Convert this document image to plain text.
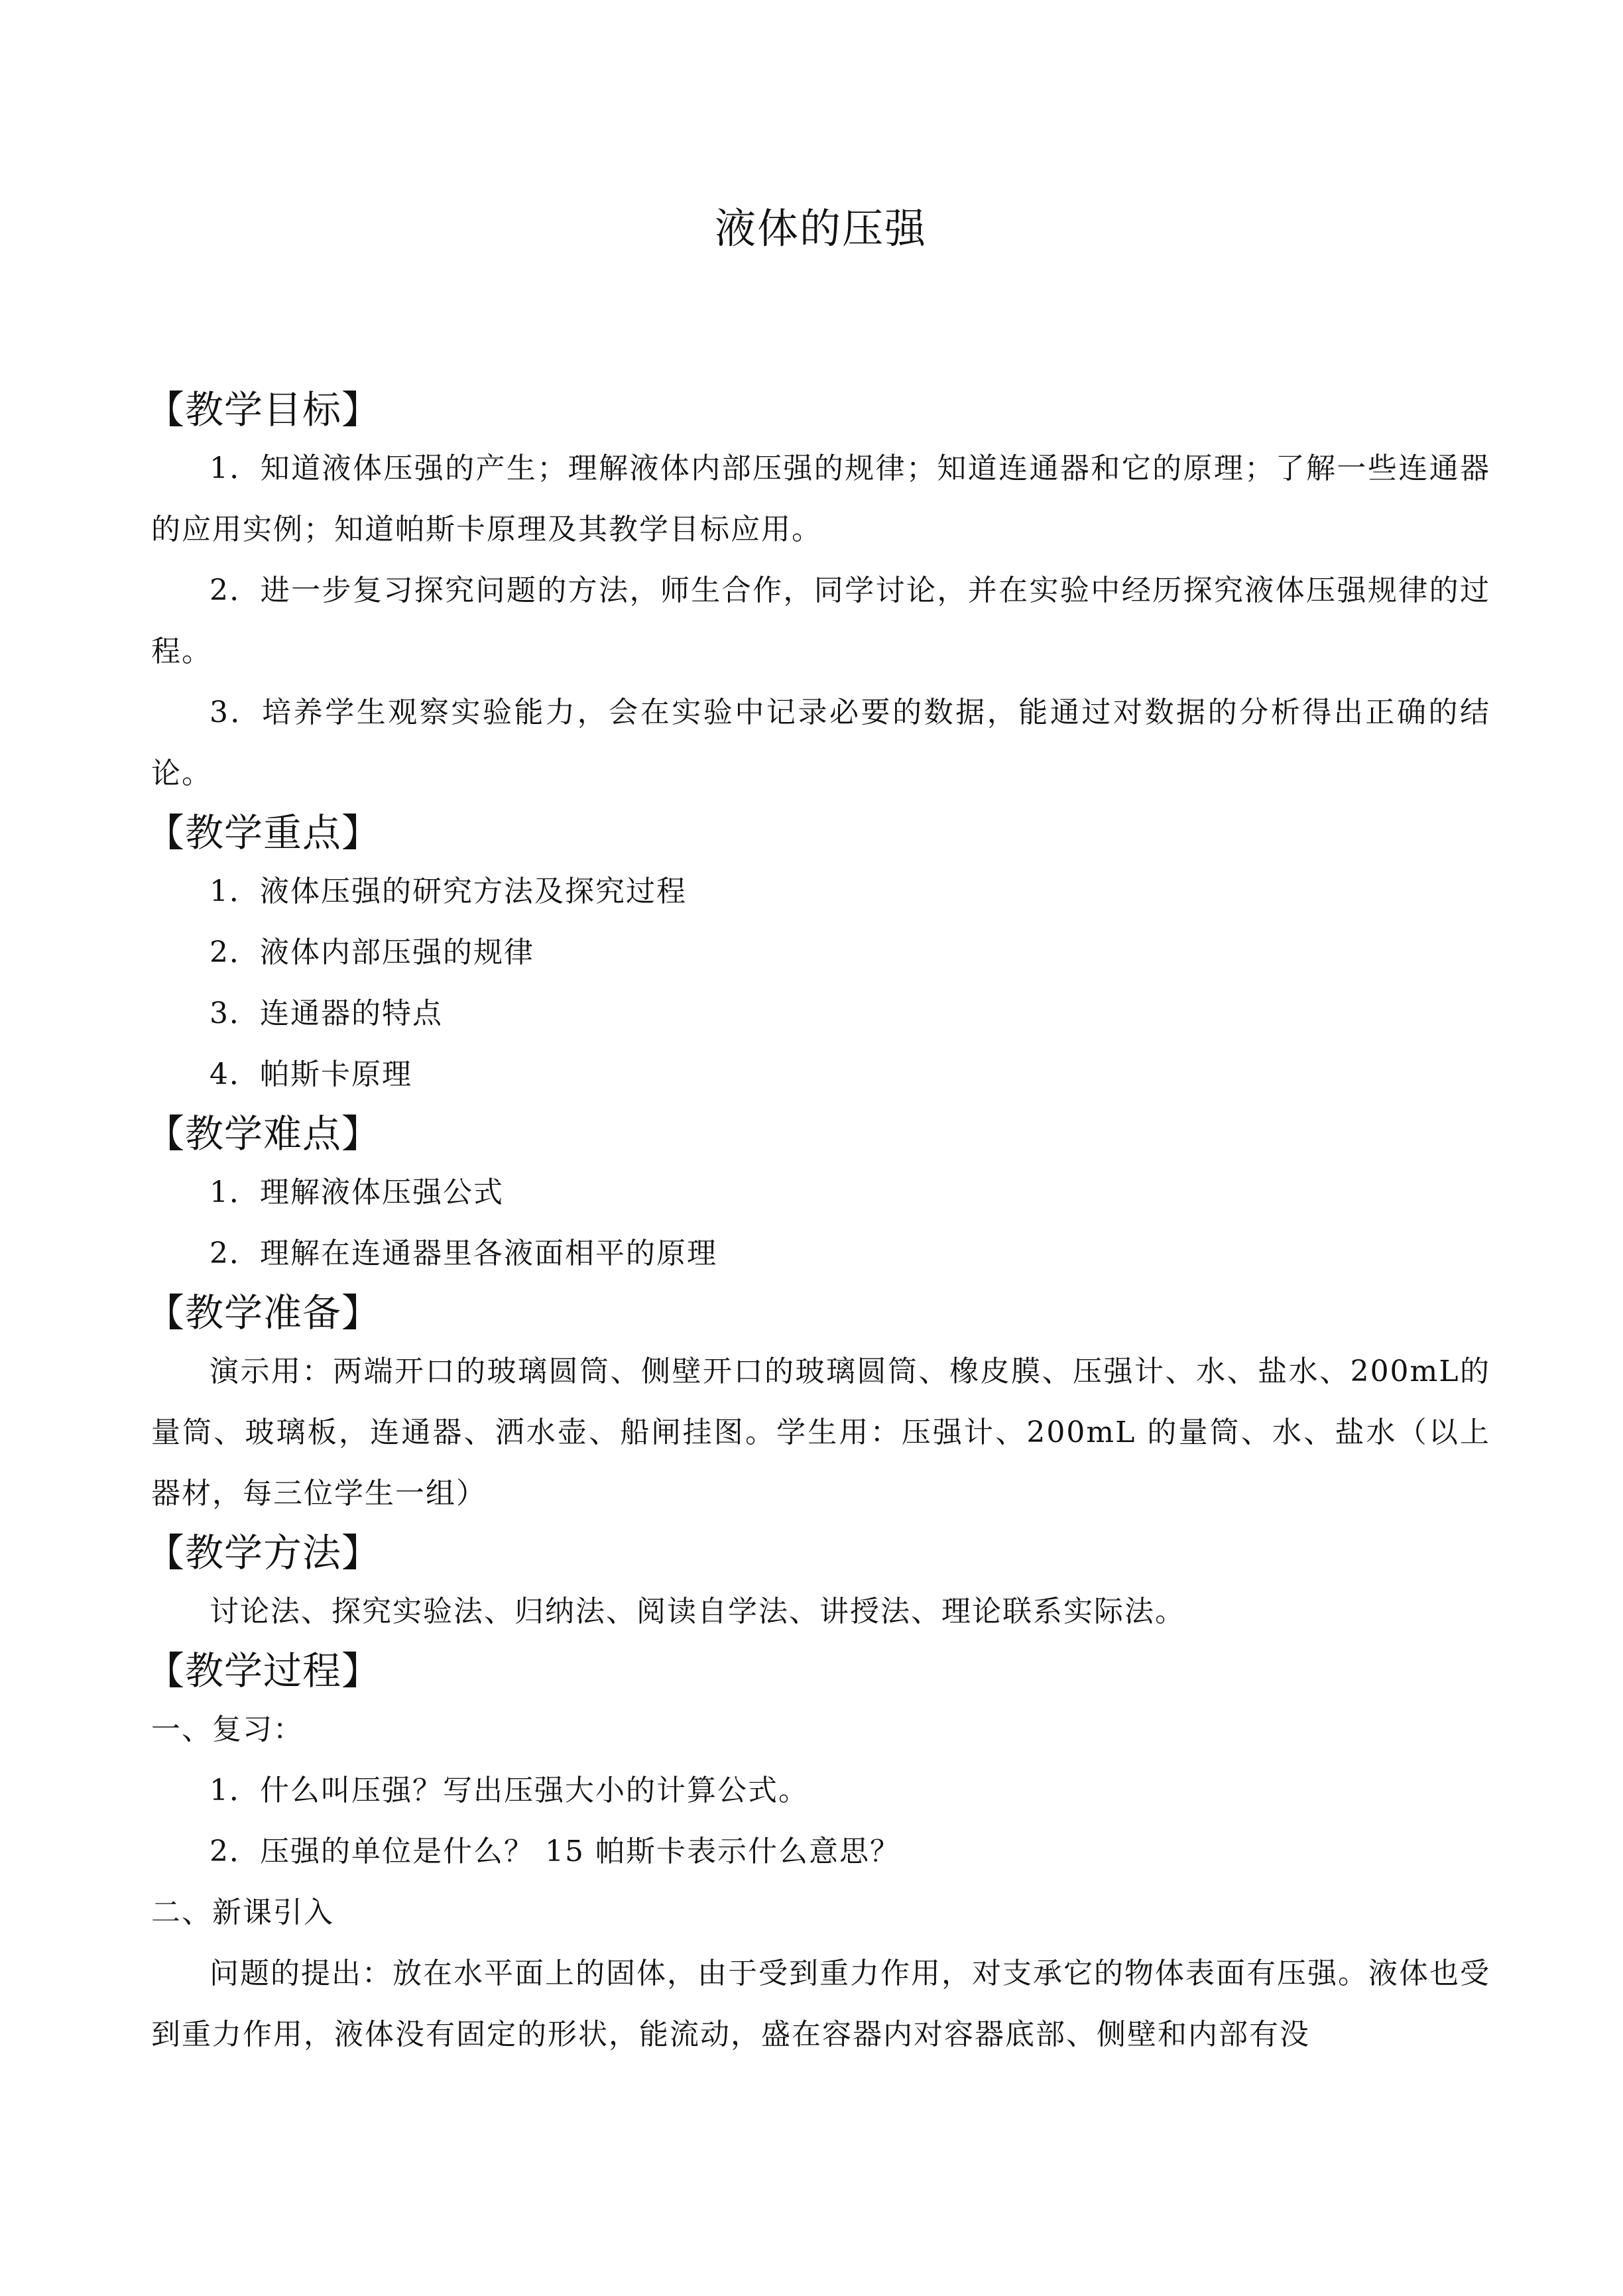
液体的压强
【教学目标】

1．知道液体压强的产生；理解液体内部压强的规律；知道连通器和它的原理；了解一些连通器的应用实例；知道帕斯卡原理及其教学目标应用。

2．进一步复习探究问题的方法，师生合作，同学讨论，并在实验中经历探究液体压强规律的过程。

3．培养学生观察实验能力，会在实验中记录必要的数据，能通过对数据的分析得出正确的结论。

【教学重点】
1．液体压强的研究方法及探究过程
2．液体内部压强的规律
3．连通器的特点
4．帕斯卡原理
【教学难点】
1．理解液体压强公式
2．理解在连通器里各液面相平的原理
【教学准备】

演示用：两端开口的玻璃圆筒、侧壁开口的玻璃圆筒、橡皮膜、压强计、水、盐水、200mL的量筒、玻璃板，连通器、洒水壶、船闸挂图。学生用：压强计、200mL 的量筒、水、盐水（以上器材，每三位学生一组）

【教学方法】
讨论法、探究实验法、归纳法、阅读自学法、讲授法、理论联系实际法。
【教学过程】
一、复习：
1．什么叫压强？写出压强大小的计算公式。
2．压强的单位是什么？ 15 帕斯卡表示什么意思？
二、新课引入

问题的提出：放在水平面上的固体，由于受到重力作用，对支承它的物体表面有压强。液体也受到重力作用，液体没有固定的形状，能流动，盛在容器内对容器底部、侧壁和内部有没
